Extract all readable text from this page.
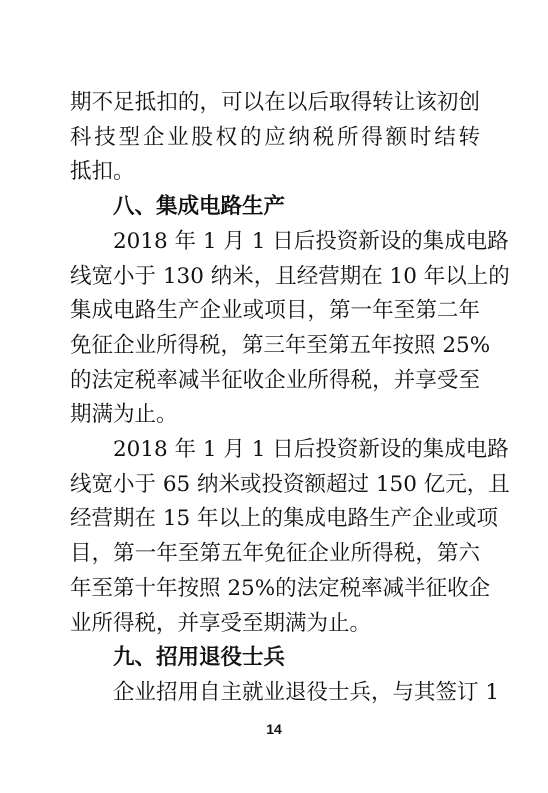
期不足抵扣的，可以在以后取得转让该初创
科技型企业股权的应纳税所得额时结转
抵扣。
八、集成电路生产
2018 年 1 月 1 日后投资新设的集成电路
线宽小于 130 纳米，且经营期在 10 年以上的
集成电路生产企业或项目，第一年至第二年
免征企业所得税，第三年至第五年按照 25%
的法定税率减半征收企业所得税，并享受至
期满为止。
2018 年 1 月 1 日后投资新设的集成电路
线宽小于 65 纳米或投资额超过 150 亿元，且
经营期在 15 年以上的集成电路生产企业或项
目，第一年至第五年免征企业所得税，第六
年至第十年按照 25%的法定税率减半征收企
业所得税，并享受至期满为止。
九、招用退役士兵
14
企业招用自主就业退役士兵，与其签订 1
